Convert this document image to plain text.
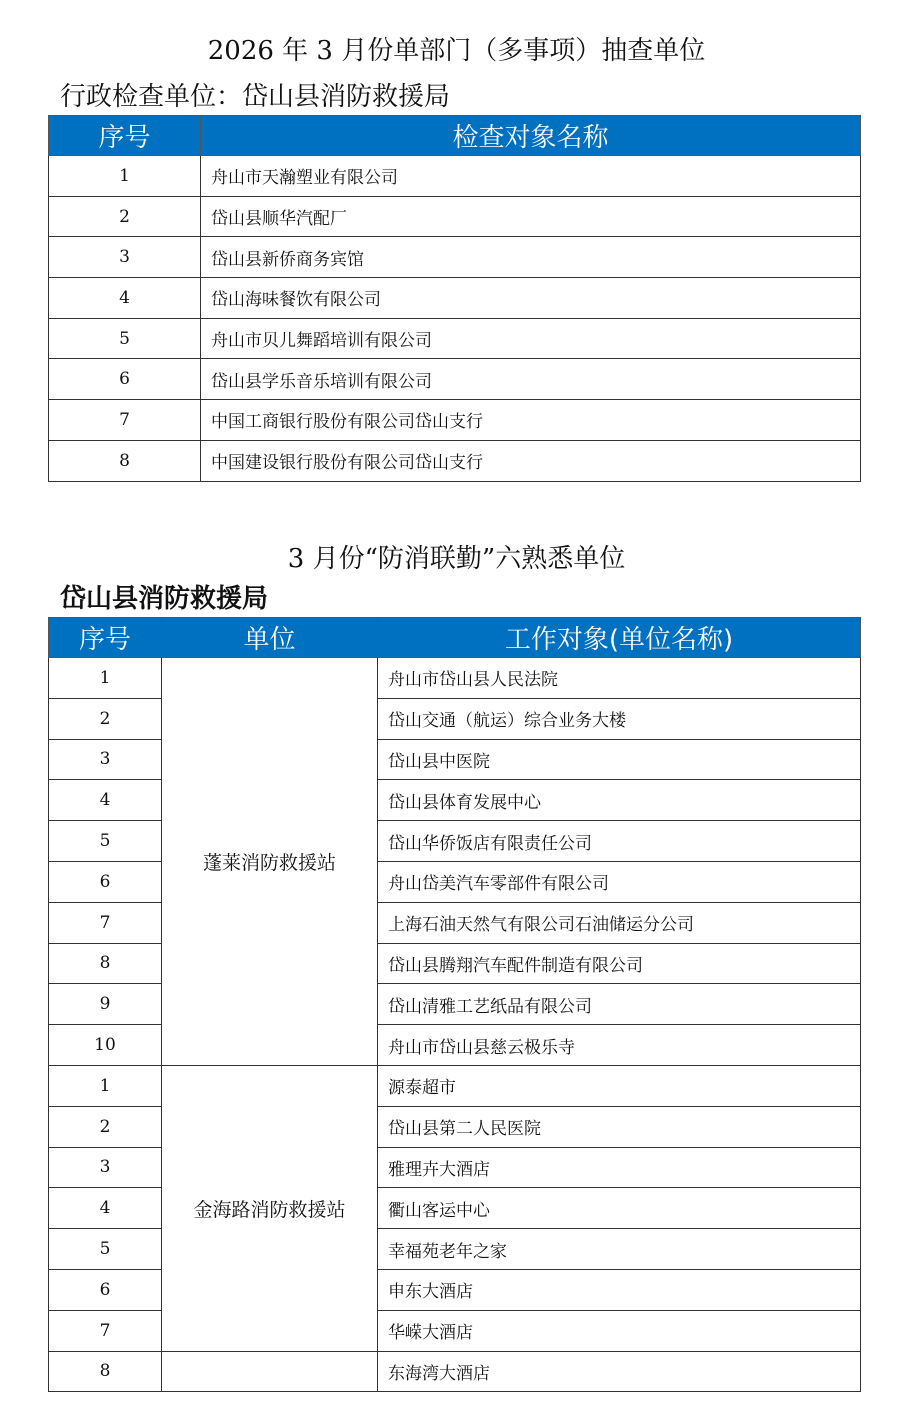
2026 年 3 月份单部门（多事项）抽查单位
行政检查单位：岱山县消防救援局
序号	检查对象名称
1	舟山市天瀚塑业有限公司
2	岱山县顺华汽配厂
3	岱山县新侨商务宾馆
4	岱山海味餐饮有限公司
5	舟山市贝儿舞蹈培训有限公司
6	岱山县学乐音乐培训有限公司
7	中国工商银行股份有限公司岱山支行
8	中国建设银行股份有限公司岱山支行
3 月份“防消联勤”六熟悉单位
岱山县消防救援局
序号	单位	工作对象(单位名称)
1	蓬莱消防救援站	舟山市岱山县人民法院
2		岱山交通（航运）综合业务大楼
3		岱山县中医院
4		岱山县体育发展中心
5		岱山华侨饭店有限责任公司
6		舟山岱美汽车零部件有限公司
7		上海石油天然气有限公司石油储运分公司
8		岱山县腾翔汽车配件制造有限公司
9		岱山清雅工艺纸品有限公司
10		舟山市岱山县慈云极乐寺
1	金海路消防救援站	源泰超市
2		岱山县第二人民医院
3		雅理卉大酒店
4		衢山客运中心
5		幸福苑老年之家
6		申东大酒店
7		华嵘大酒店
8		东海湾大酒店
